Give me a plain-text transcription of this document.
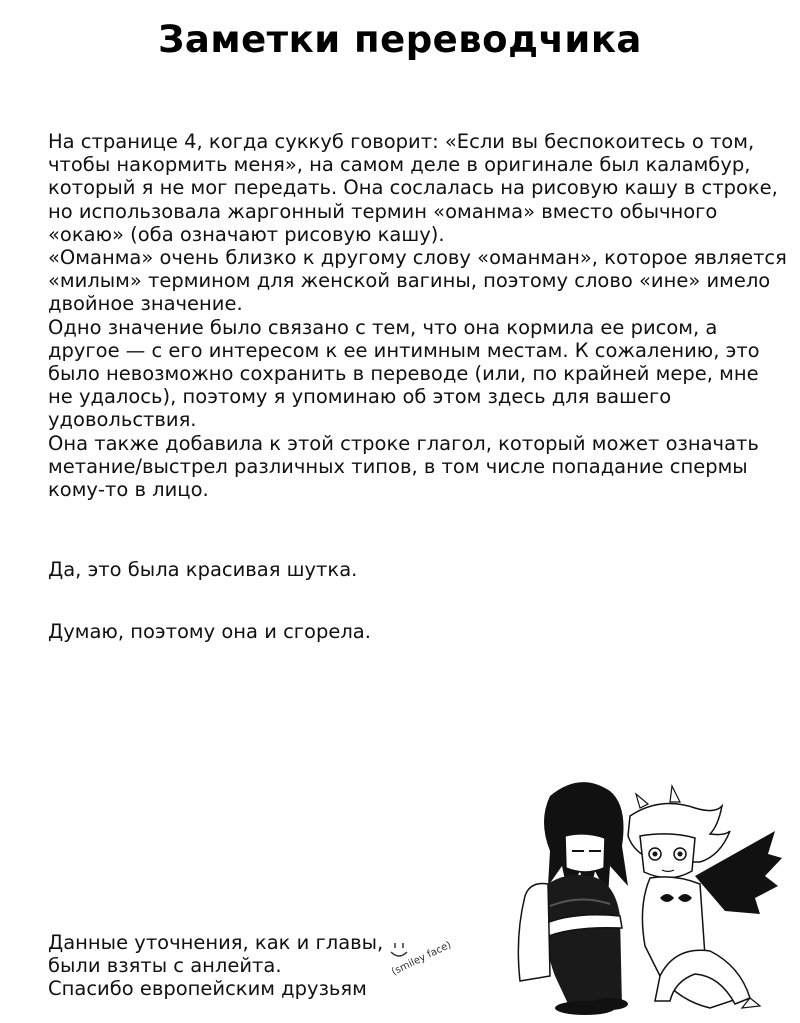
Заметки переводчика

На странице 4, когда суккуб говорит: «Если вы беспокоитесь о том, чтобы накормить меня», на самом деле в оригинале был каламбур, который я не мог передать. Она сослалась на рисовую кашу в строке, но использовала жаргонный термин «оманма» вместо обычного «окаю» (оба означают рисовую кашу).

«Оманма» очень близко к другому слову «оманман», которое является «милым» термином для женской вагины, поэтому слово «ине» имело двойное значение.

Одно значение было связано с тем, что она кормила ее рисом, а другое — с его интересом к ее интимным местам. К сожалению, это было невозможно сохранить в переводе (или, по крайней мере, мне не удалось), поэтому я упоминаю об этом здесь для вашего удовольствия.

Она также добавила к этой строке глагол, который может означать метание/выстрел различных типов, в том числе попадание спермы кому-то в лицо.

Да, это была красивая шутка.
Думаю, поэтому она и сгорела.
Данные уточнения, как и главы,
были взяты с анлейта.
Спасибо европейским друзьям
(smiley face)
